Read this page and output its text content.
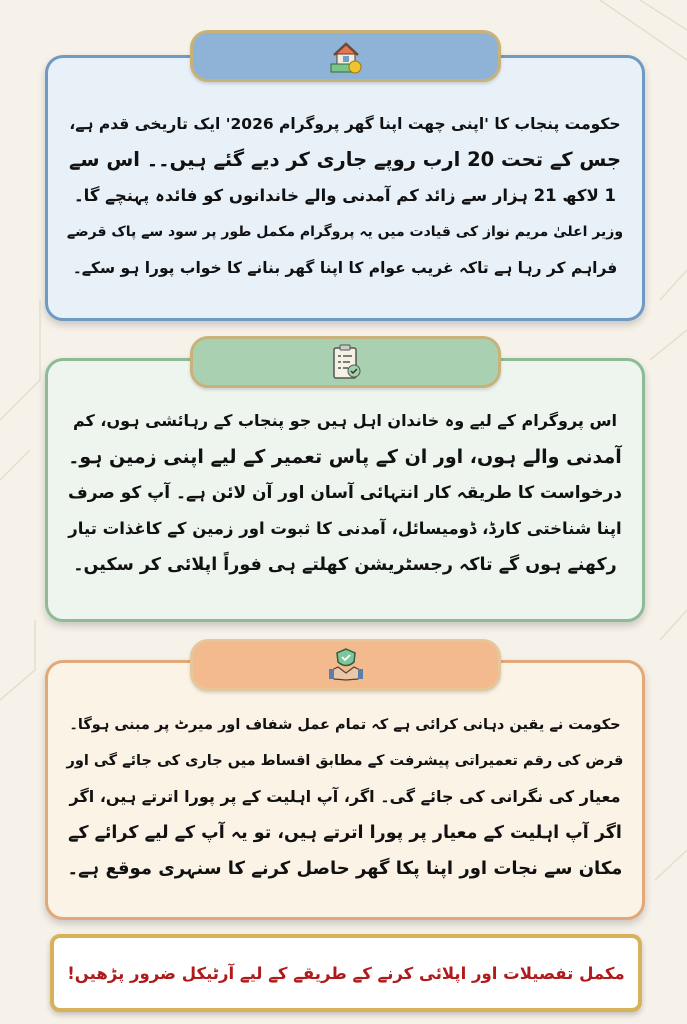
حکومت پنجاب کا 'اپنی چھت اپنا گھر پروگرام 2026' ایک تاریخی قدم ہے،
جس کے تحت 20 ارب روپے جاری کر دیے گئے ہیں۔۔ اس سے
1 لاکھ 21 ہزار سے زائد کم آمدنی والے خاندانوں کو فائدہ پہنچے گا۔
وزیر اعلیٰ مریم نواز کی قیادت میں یہ پروگرام مکمل طور پر سود سے پاک قرضے
فراہم کر رہا ہے تاکہ غریب عوام کا اپنا گھر بنانے کا خواب پورا ہو سکے۔
اس پروگرام کے لیے وہ خاندان اہل ہیں جو پنجاب کے رہائشی ہوں، کم
آمدنی والے ہوں، اور ان کے پاس تعمیر کے لیے اپنی زمین ہو۔
درخواست کا طریقہ کار انتہائی آسان اور آن لائن ہے۔ آپ کو صرف
اپنا شناختی کارڈ، ڈومیسائل، آمدنی کا ثبوت اور زمین کے کاغذات تیار
رکھنے ہوں گے تاکہ رجسٹریشن کھلتے ہی فوراً اپلائی کر سکیں۔
حکومت نے یقین دہانی کرائی ہے کہ تمام عمل شفاف اور میرٹ پر مبنی ہوگا۔
قرض کی رقم تعمیراتی پیشرفت کے مطابق اقساط میں جاری کی جائے گی اور
معیار کی نگرانی کی جائے گی۔ اگر، آپ اہلیت کے پر پورا اترتے ہیں، اگر
اگر آپ اہلیت کے معیار پر پورا اترتے ہیں، تو یہ آپ کے لیے کرائے کے
مکان سے نجات اور اپنا پکا گھر حاصل کرنے کا سنہری موقع ہے۔
مکمل تفصیلات اور اپلائی کرنے کے طریقے کے لیے آرٹیکل ضرور پڑھیں!
